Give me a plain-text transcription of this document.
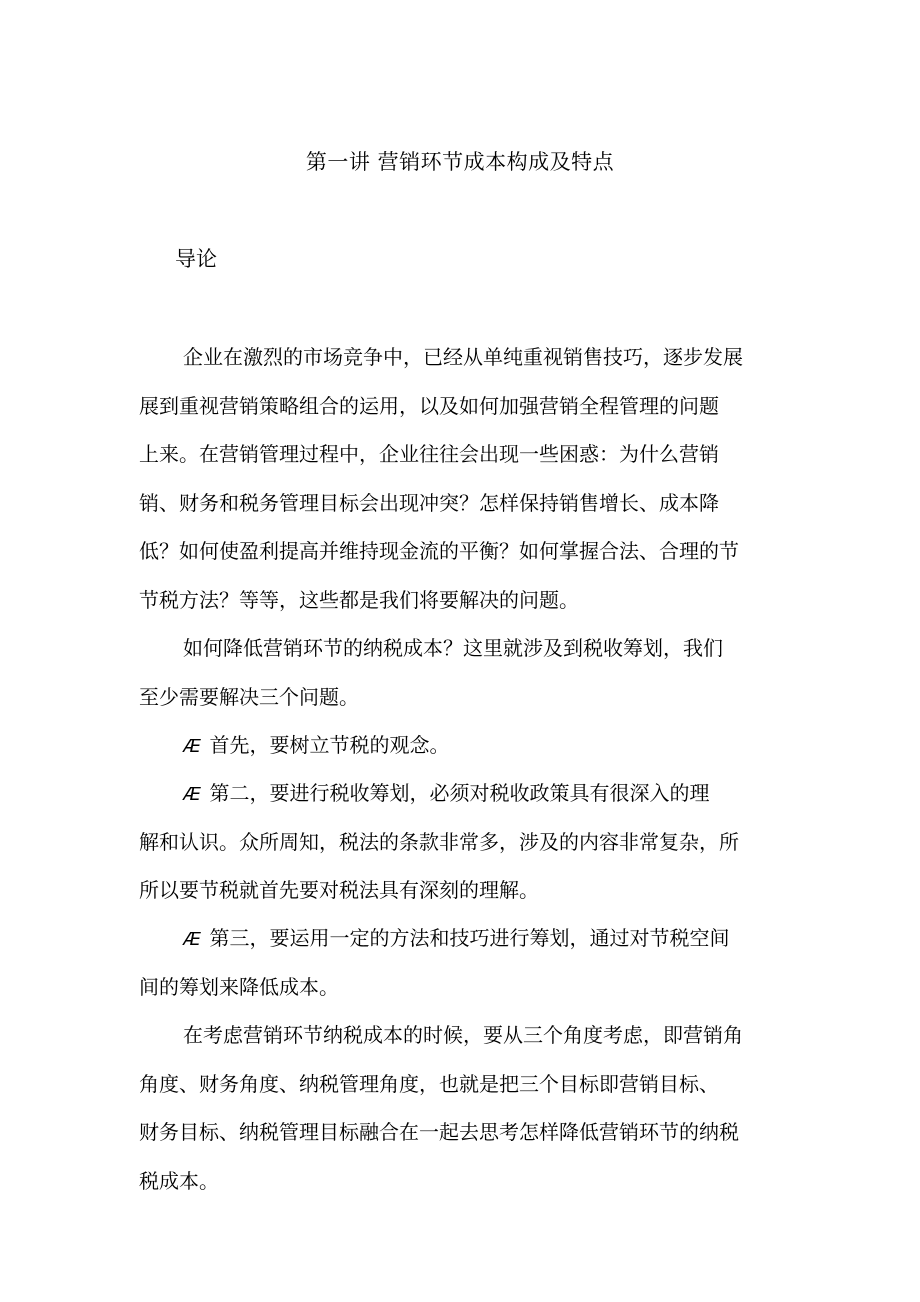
第一讲 营销环节成本构成及特点
导论
企业在激烈的市场竞争中，已经从单纯重视销售技巧，逐步发展
展到重视营销策略组合的运用，以及如何加强营销全程管理的问题
上来。在营销管理过程中，企业往往会出现一些困惑：为什么营销
销、财务和税务管理目标会出现冲突？怎样保持销售增长、成本降
低？如何使盈利提高并维持现金流的平衡？如何掌握合法、合理的节
节税方法？等等，这些都是我们将要解决的问题。
如何降低营销环节的纳税成本？这里就涉及到税收筹划，我们
至少需要解决三个问题。
Æ 首先，要树立节税的观念。
Æ 第二，要进行税收筹划，必须对税收政策具有很深入的理
解和认识。众所周知，税法的条款非常多，涉及的内容非常复杂，所
所以要节税就首先要对税法具有深刻的理解。
Æ 第三，要运用一定的方法和技巧进行筹划，通过对节税空间
间的筹划来降低成本。
在考虑营销环节纳税成本的时候，要从三个角度考虑，即营销角
角度、财务角度、纳税管理角度，也就是把三个目标即营销目标、
财务目标、纳税管理目标融合在一起去思考怎样降低营销环节的纳税
税成本。
